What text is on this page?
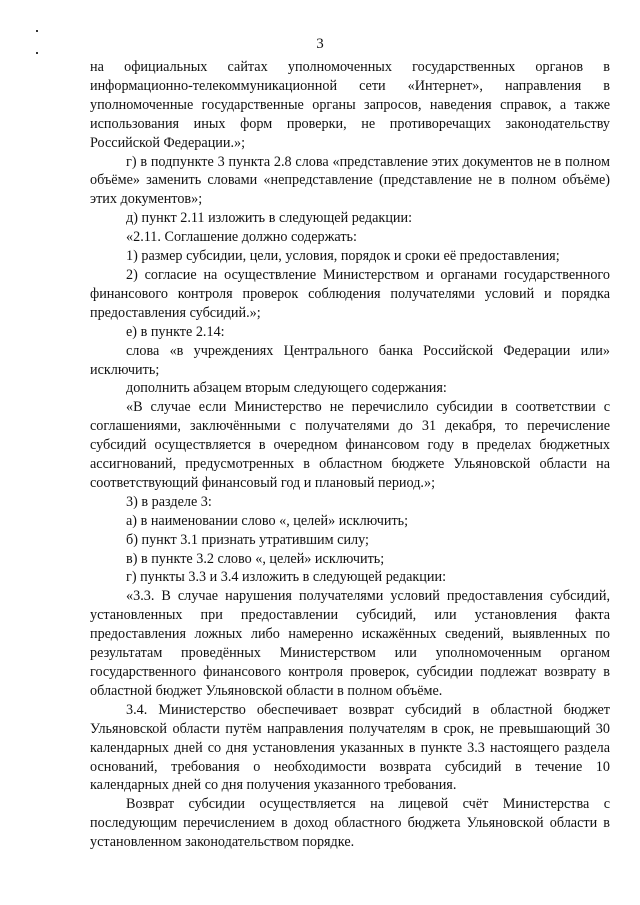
3

на официальных сайтах уполномоченных государственных органов в информационно-телекоммуникационной сети «Интернет», направления в уполномоченные государственные органы запросов, наведения справок, а также использования иных форм проверки, не противоречащих законодательству Российской Федерации.»;

г) в подпункте 3 пункта 2.8 слова «представление этих документов не в полном объёме» заменить словами «непредставление (представление не в полном объёме) этих документов»;

д) пункт 2.11 изложить в следующей редакции:

«2.11. Соглашение должно содержать:

1) размер субсидии, цели, условия, порядок и сроки её предоставления;

2) согласие на осуществление Министерством и органами государственного финансового контроля проверок соблюдения получателями условий и порядка предоставления субсидий.»;

е) в пункте 2.14:

слова «в учреждениях Центрального банка Российской Федерации или» исключить;

дополнить абзацем вторым следующего содержания:

«В случае если Министерство не перечислило субсидии в соответствии с соглашениями, заключёнными с получателями до 31 декабря, то перечисление субсидий осуществляется в очередном финансовом году в пределах бюджетных ассигнований, предусмотренных в областном бюджете Ульяновской области на соответствующий финансовый год и плановый период.»;

3) в разделе 3:

а) в наименовании слово «, целей» исключить;

б) пункт 3.1 признать утратившим силу;

в) в пункте 3.2 слово «, целей» исключить;

г) пункты 3.3 и 3.4 изложить в следующей редакции:

«3.3. В случае нарушения получателями условий предоставления субсидий, установленных при предоставлении субсидий, или установления факта предоставления ложных либо намеренно искажённых сведений, выявленных по результатам проведённых Министерством или уполномоченным органом государственного финансового контроля проверок, субсидии подлежат возврату в областной бюджет Ульяновской области в полном объёме.

3.4. Министерство обеспечивает возврат субсидий в областной бюджет Ульяновской области путём направления получателям в срок, не превышающий 30 календарных дней со дня установления указанных в пункте 3.3 настоящего раздела оснований, требования о необходимости возврата субсидий в течение 10 календарных дней со дня получения указанного требования.

Возврат субсидии осуществляется на лицевой счёт Министерства с последующим перечислением в доход областного бюджета Ульяновской области в установленном законодательством порядке.
